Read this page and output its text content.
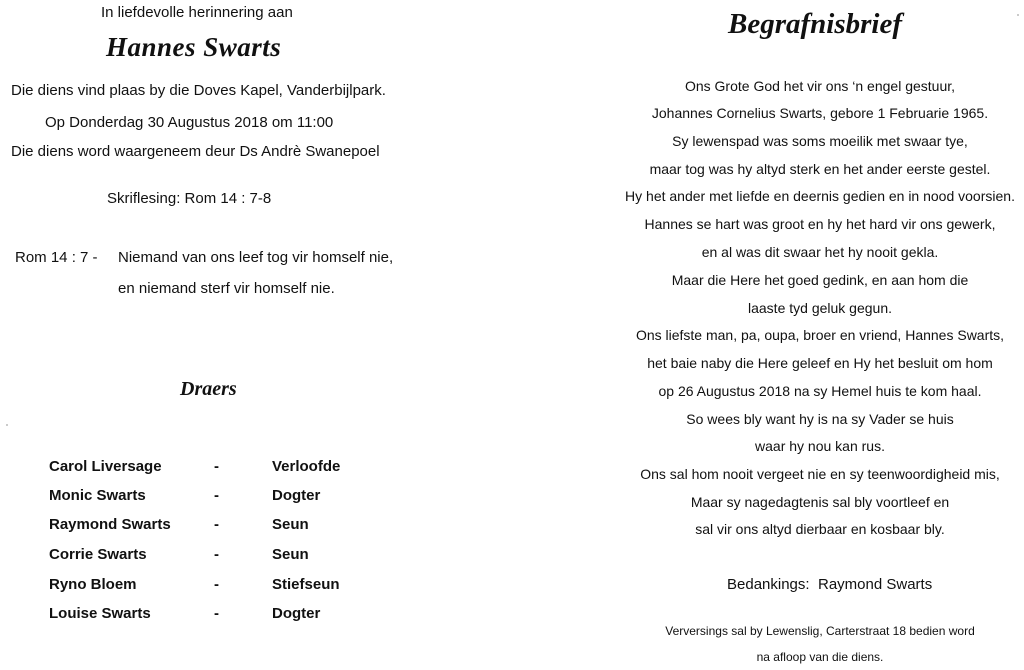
In liefdevolle herinnering aan
Hannes Swarts
Die diens vind plaas by die Doves Kapel, Vanderbijlpark.
Op Donderdag 30 Augustus 2018 om 11:00
Die diens word waargeneem deur Ds Andrè Swanepoel
Skriflesing: Rom 14 : 7-8
Rom 14 : 7 - Niemand van ons leef tog vir homself nie,
en niemand sterf vir homself nie.
Draers
Carol Liversage	-	Verloofde
Monic Swarts	-	Dogter
Raymond Swarts	-	Seun
Corrie Swarts	-	Seun
Ryno Bloem	-	Stiefseun
Louise Swarts	-	Dogter
Begrafnisbrief
Ons Grote God het vir ons ‘n engel gestuur,
Johannes Cornelius Swarts, gebore 1 Februarie 1965.
Sy lewenspad was soms moeilik met swaar tye,
maar tog was hy altyd sterk en het ander eerste gestel.
Hy het ander met liefde en deernis gedien en in nood voorsien.
Hannes se hart was groot en hy het hard vir ons gewerk,
en al was dit swaar het hy nooit gekla.
Maar die Here het goed gedink, en aan hom die
laaste tyd geluk gegun.
Ons liefste man, pa, oupa, broer en vriend, Hannes Swarts,
het baie naby die Here geleef en Hy het besluit om hom
op 26 Augustus 2018 na sy Hemel huis te kom haal.
So wees bly want hy is na sy Vader se huis
waar hy nou kan rus.
Ons sal hom nooit vergeet nie en sy teenwoordigheid mis,
Maar sy nagedagtenis sal bly voortleef en
sal vir ons altyd dierbaar en kosbaar bly.
Bedankings: Raymond Swarts
Verversings sal by Lewenslig, Carterstraat 18 bedien word
na afloop van die diens.
